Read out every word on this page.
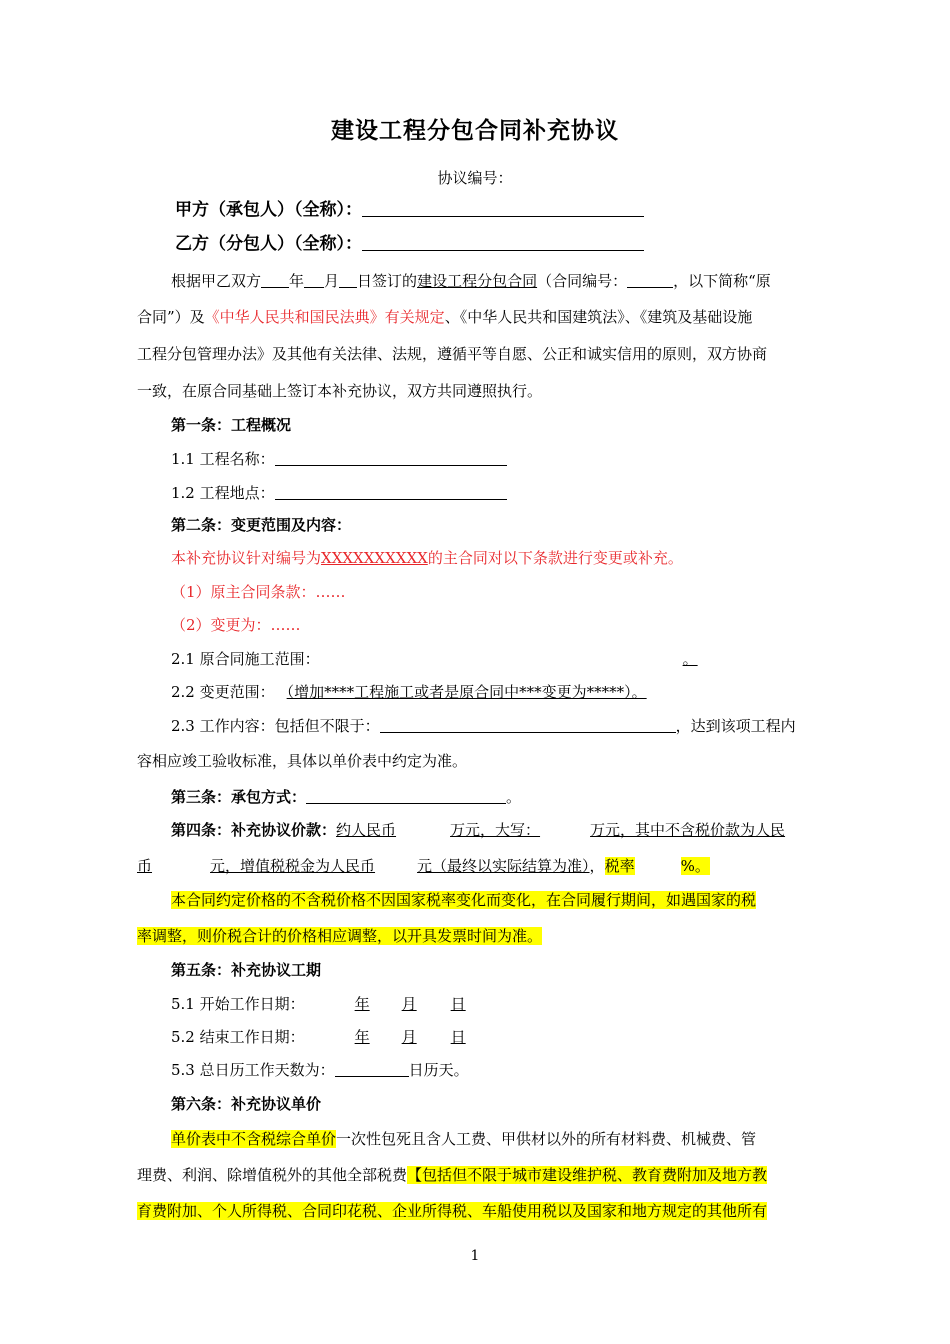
建设工程分包合同补充协议
协议编号：
甲方（承包人）（全称）：
乙方（分包人）（全称）：
根据甲乙双方 年 月 日签订的建设工程分包合同（合同编号：	，以下简称“原
合同”）及《中华人民共和国民法典》有关规定、《中华人民共和国建筑法》、《建筑及基础设施
工程分包管理办法》及其他有关法律、法规，遵循平等自愿、公正和诚实信用的原则，双方协商
一致，在原合同基础上签订本补充协议，双方共同遵照执行。
第一条：工程概况
1.1 工程名称：
1.2 工程地点：
第二条：变更范围及内容：
本补充协议针对编号为XXXXXXXXXX的主合同对以下条款进行变更或补充。
（1）原主合同条款：……
（2）变更为：……
2.1 原合同施工范围：	。
2.2 变更范围： （增加****工程施工或者是原合同中***变更为*****）。
2.3 工作内容：包括但不限于：	，达到该项工程内
容相应竣工验收标准，具体以单价表中约定为准。
第三条：承包方式：	。
第四条：补充协议价款：约人民币	万元，大写：	万元，其中不含税价款为人民
币	元，增值税税金为人民币	元（最终以实际结算为准），税率	%。
本合同约定价格的不含税价格不因国家税率变化而变化，在合同履行期间，如遇国家的税
率调整，则价税合计的价格相应调整，以开具发票时间为准。
第五条：补充协议工期
5.1 开始工作日期：	年 月 日
5.2 结束工作日期：	年 月 日
5.3 总日历工作天数为：	日历天。
第六条：补充协议单价
单价表中不含税综合单价一次性包死且含人工费、甲供材以外的所有材料费、机械费、管
理费、利润、除增值税外的其他全部税费【包括但不限于城市建设维护税、教育费附加及地方教
育费附加、个人所得税、合同印花税、企业所得税、车船使用税以及国家和地方规定的其他所有
1
